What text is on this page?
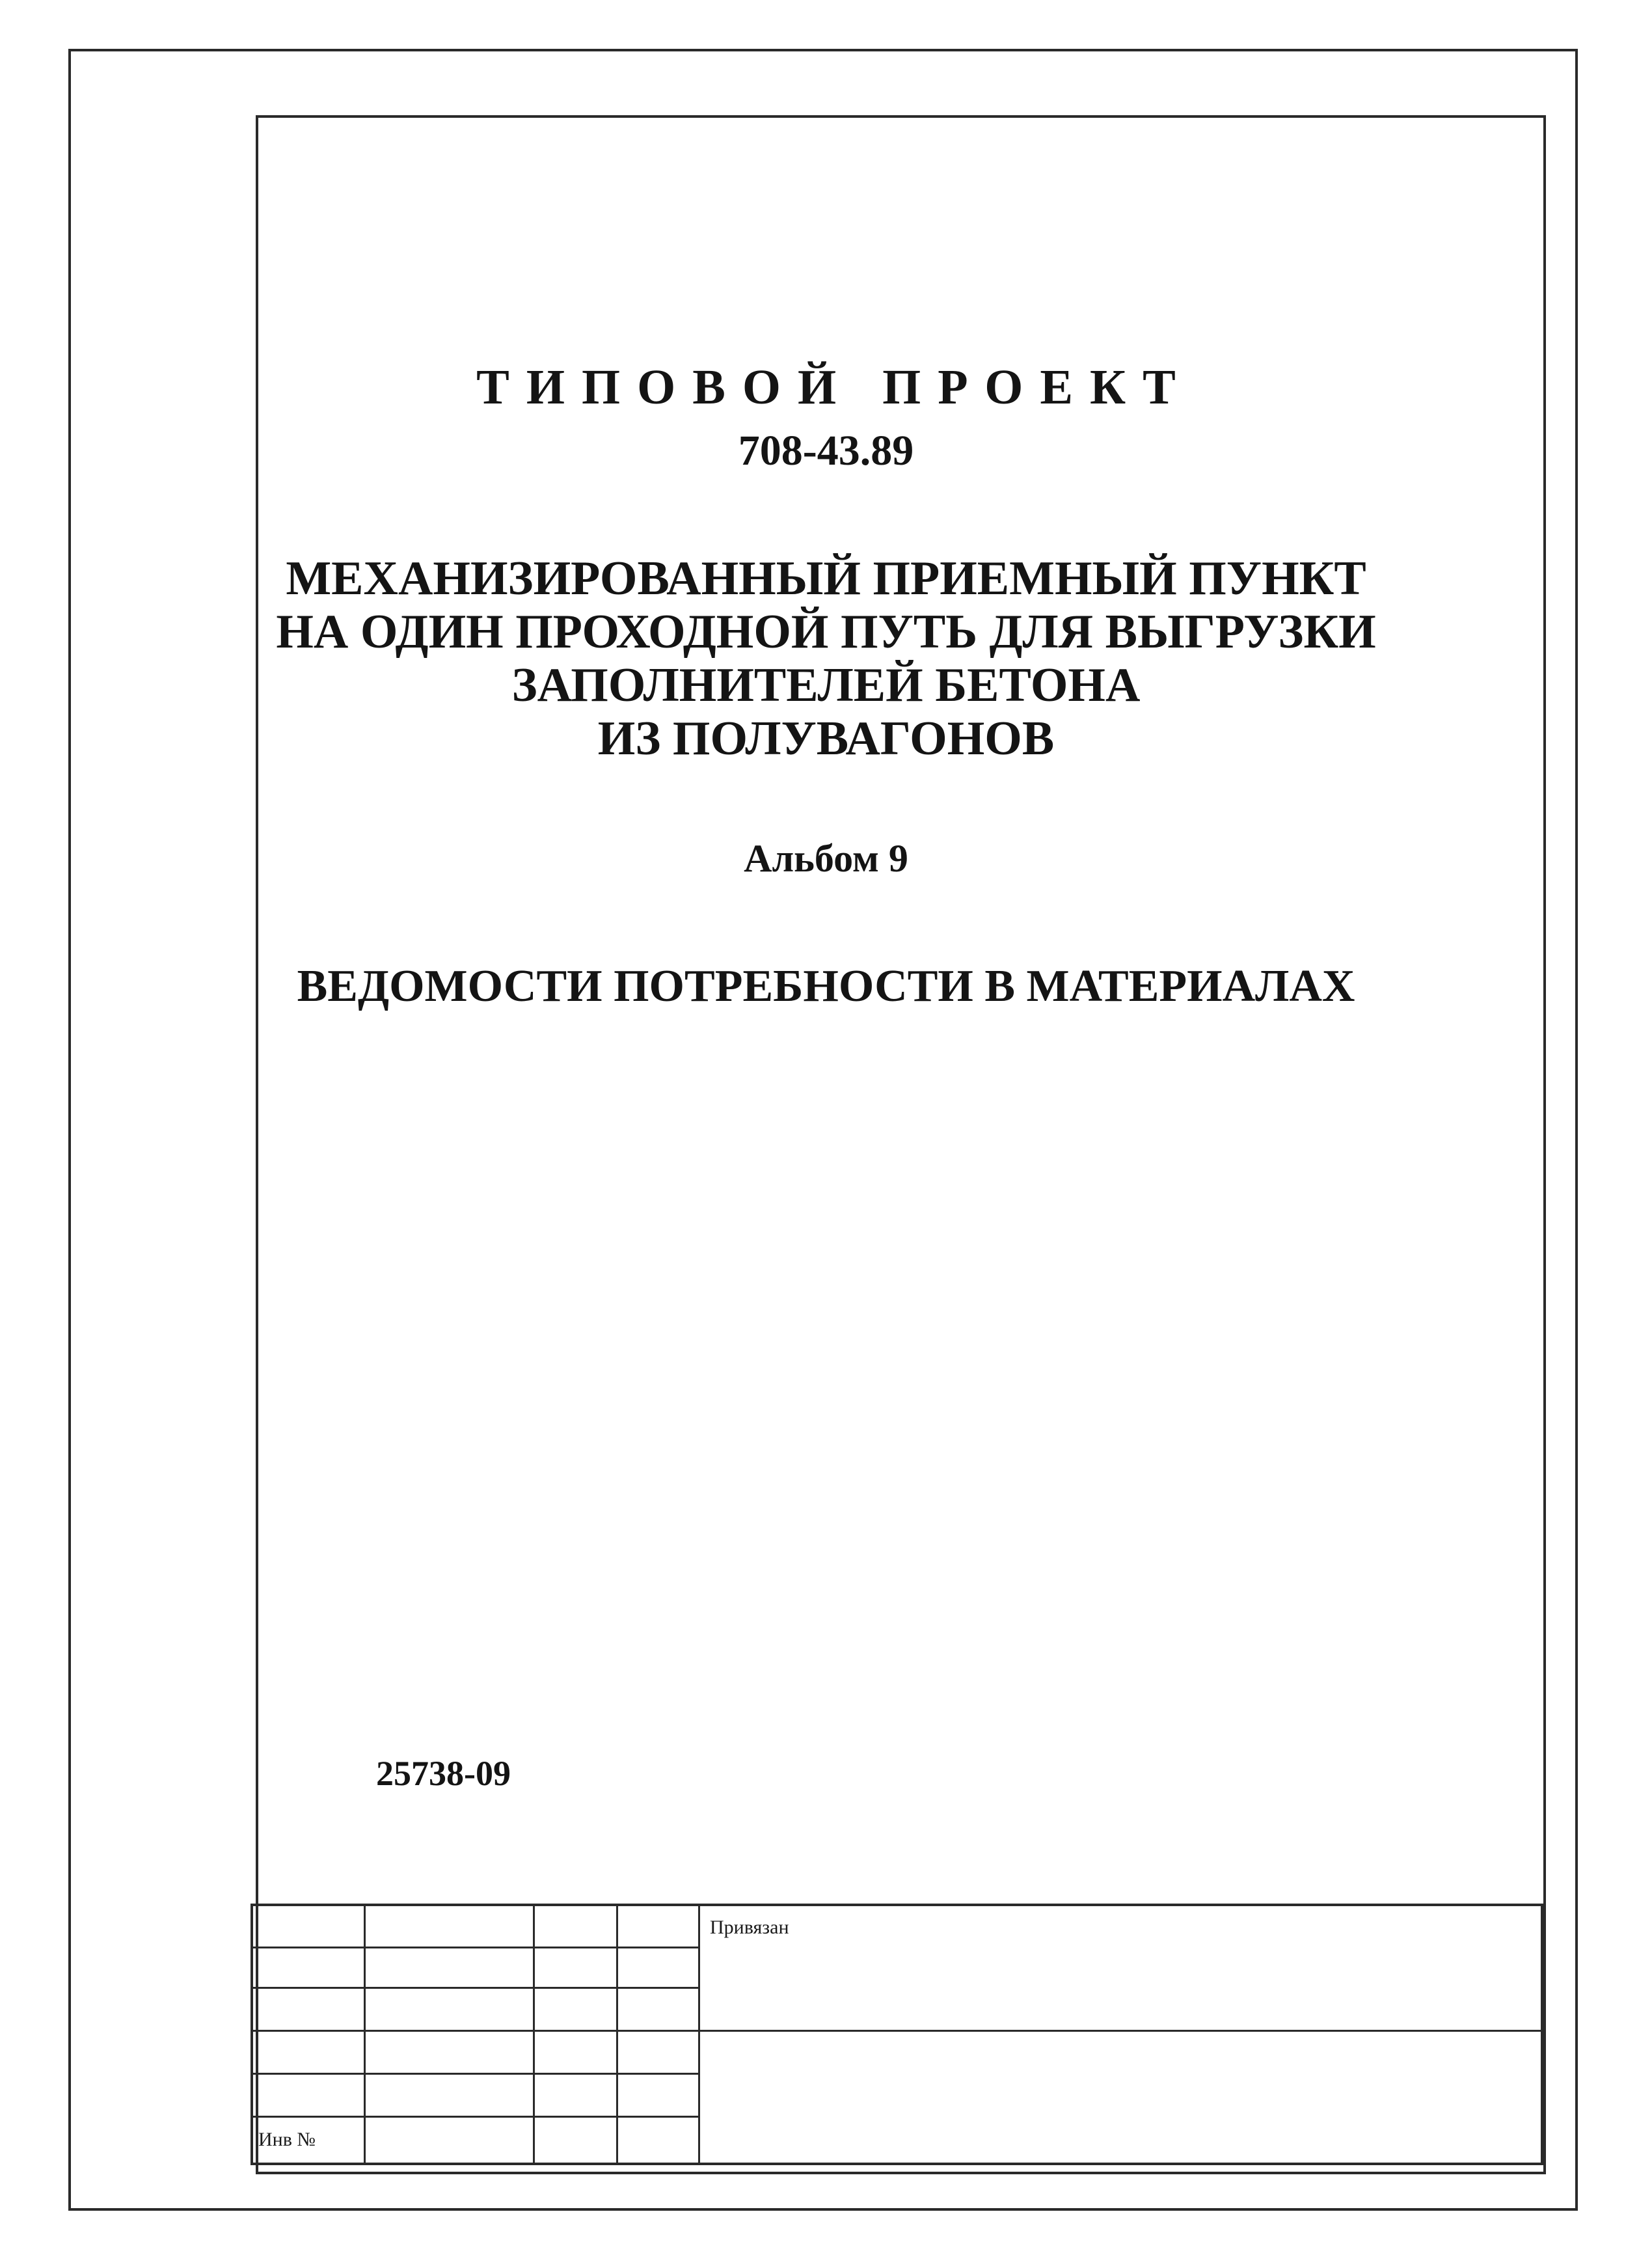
ТИПОВОЙ ПРОЕКТ
708-43.89
МЕХАНИЗИРОВАННЫЙ ПРИЕМНЫЙ ПУНКТ
НА ОДИН ПРОХОДНОЙ ПУТЬ ДЛЯ ВЫГРУЗКИ
ЗАПОЛНИТЕЛЕЙ БЕТОНА
ИЗ ПОЛУВАГОНОВ
Альбом 9
ВЕДОМОСТИ ПОТРЕБНОСТИ В МАТЕРИАЛАХ
25738-09
Привязан
Инв №
